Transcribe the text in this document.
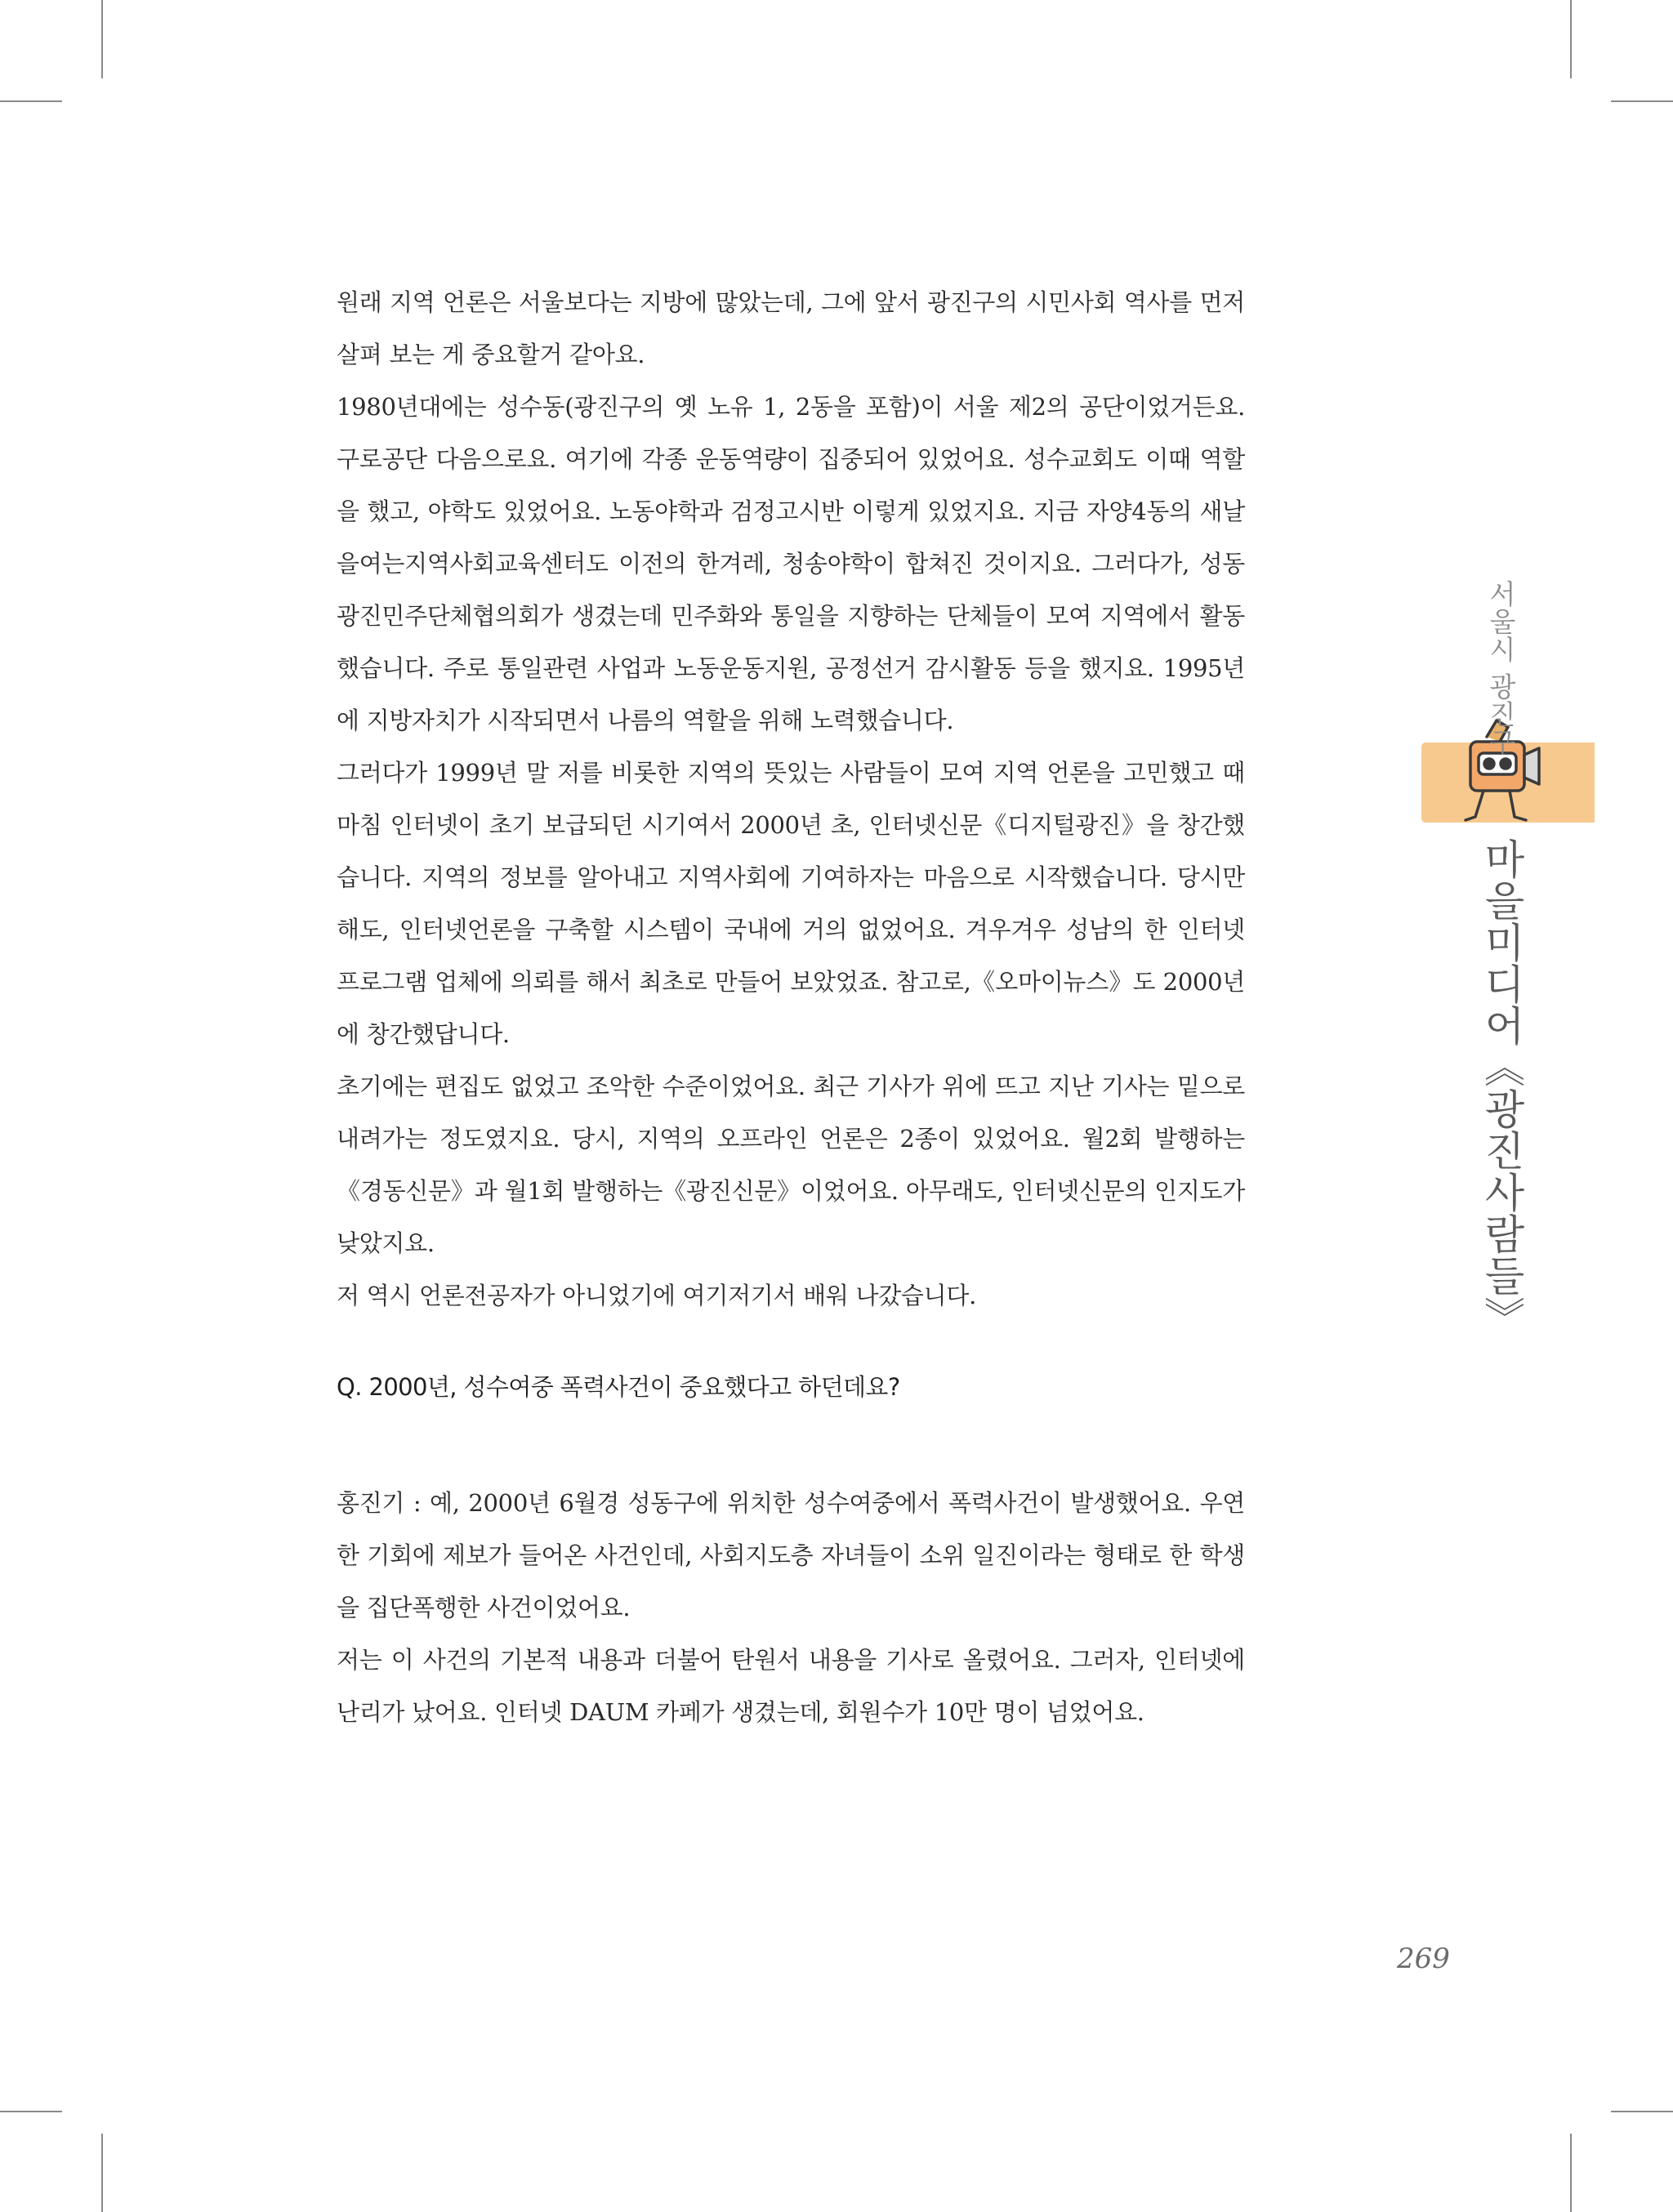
원래 지역 언론은 서울보다는 지방에 많았는데, 그에 앞서 광진구의 시민사회 역사를 먼저 살펴 보는 게 중요할거 같아요.

1980년대에는 성수동(광진구의 옛 노유 1, 2동을 포함)이 서울 제2의 공단이었거든요. 구로공단 다음으로요. 여기에 각종 운동역량이 집중되어 있었어요. 성수교회도 이때 역할을 했고, 야학도 있었어요. 노동야학과 검정고시반 이렇게 있었지요. 지금 자양4동의 새날을여는지역사회교육센터도 이전의 한겨레, 청송야학이 합쳐진 것이지요. 그러다가, 성동광진민주단체협의회가 생겼는데 민주화와 통일을 지향하는 단체들이 모여 지역에서 활동했습니다. 주로 통일관련 사업과 노동운동지원, 공정선거 감시활동 등을 했지요. 1995년에 지방자치가 시작되면서 나름의 역할을 위해 노력했습니다.

그러다가 1999년 말 저를 비롯한 지역의 뜻있는 사람들이 모여 지역 언론을 고민했고 때마침 인터넷이 초기 보급되던 시기여서 2000년 초, 인터넷신문《디지털광진》을 창간했습니다. 지역의 정보를 알아내고 지역사회에 기여하자는 마음으로 시작했습니다. 당시만 해도, 인터넷언론을 구축할 시스템이 국내에 거의 없었어요. 겨우겨우 성남의 한 인터넷 프로그램 업체에 의뢰를 해서 최초로 만들어 보았었죠. 참고로,《오마이뉴스》도 2000년에 창간했답니다.

초기에는 편집도 없었고 조악한 수준이었어요. 최근 기사가 위에 뜨고 지난 기사는 밑으로 내려가는 정도였지요. 당시, 지역의 오프라인 언론은 2종이 있었어요. 월2회 발행하는《경동신문》과 월1회 발행하는《광진신문》이었어요. 아무래도, 인터넷신문의 인지도가 낮았지요.

저 역시 언론전공자가 아니었기에 여기저기서 배워 나갔습니다.

Q. 2000년, 성수여중 폭력사건이 중요했다고 하던데요?

홍진기 : 예, 2000년 6월경 성동구에 위치한 성수여중에서 폭력사건이 발생했어요. 우연한 기회에 제보가 들어온 사건인데, 사회지도층 자녀들이 소위 일진이라는 형태로 한 학생을 집단폭행한 사건이었어요.

저는 이 사건의 기본적 내용과 더불어 탄원서 내용을 기사로 올렸어요. 그러자, 인터넷에 난리가 났어요. 인터넷 DAUM 카페가 생겼는데, 회원수가 10만 명이 넘었어요.

서울시 광진구
마을미디어《광진사람들》
269
